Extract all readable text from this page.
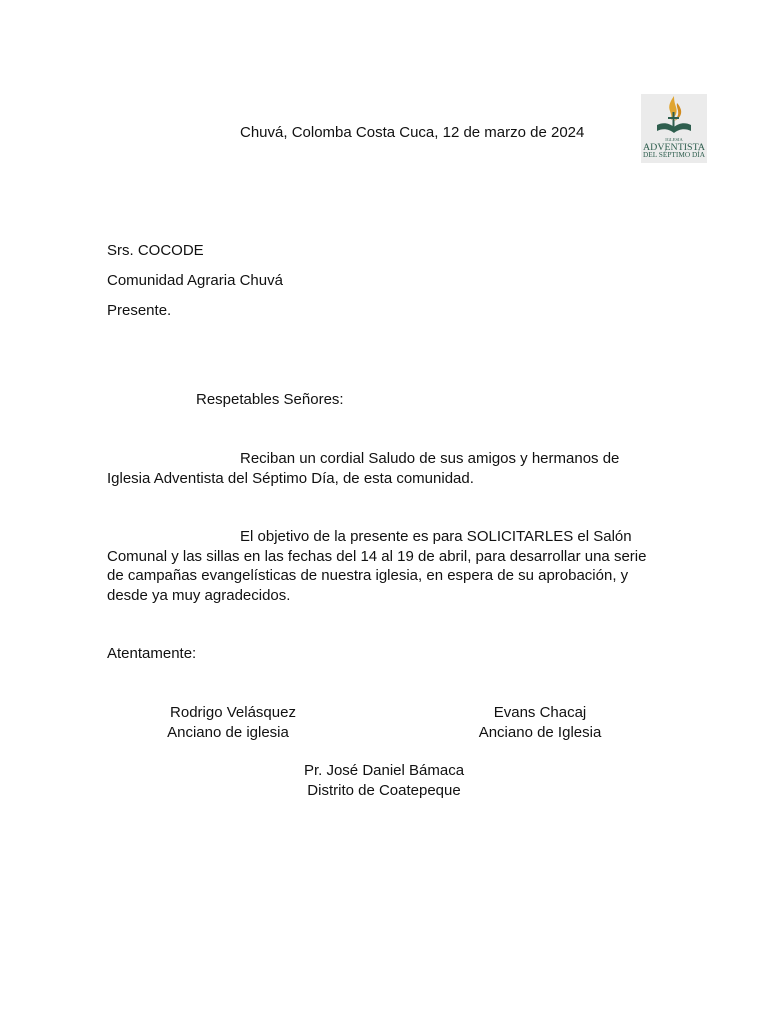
IGLESIA
ADVENTISTA
DEL SÉPTIMO DÍA
Chuvá, Colomba Costa Cuca, 12 de marzo de 2024
Srs. COCODE
Comunidad Agraria Chuvá
Presente.
Respetables Señores:
Reciban un cordial Saludo de sus amigos y hermanos de Iglesia Adventista del Séptimo Día, de esta comunidad.
El objetivo de la presente es para SOLICITARLES el Salón Comunal y las sillas en las fechas del 14 al 19 de abril, para desarrollar una serie de campañas evangelísticas de nuestra iglesia, en espera de su aprobación, y desde ya muy agradecidos.
Atentamente:
Rodrigo Velásquez
Anciano de iglesia
Evans Chacaj
Anciano de Iglesia
Pr. José Daniel Bámaca
Distrito de Coatepeque
